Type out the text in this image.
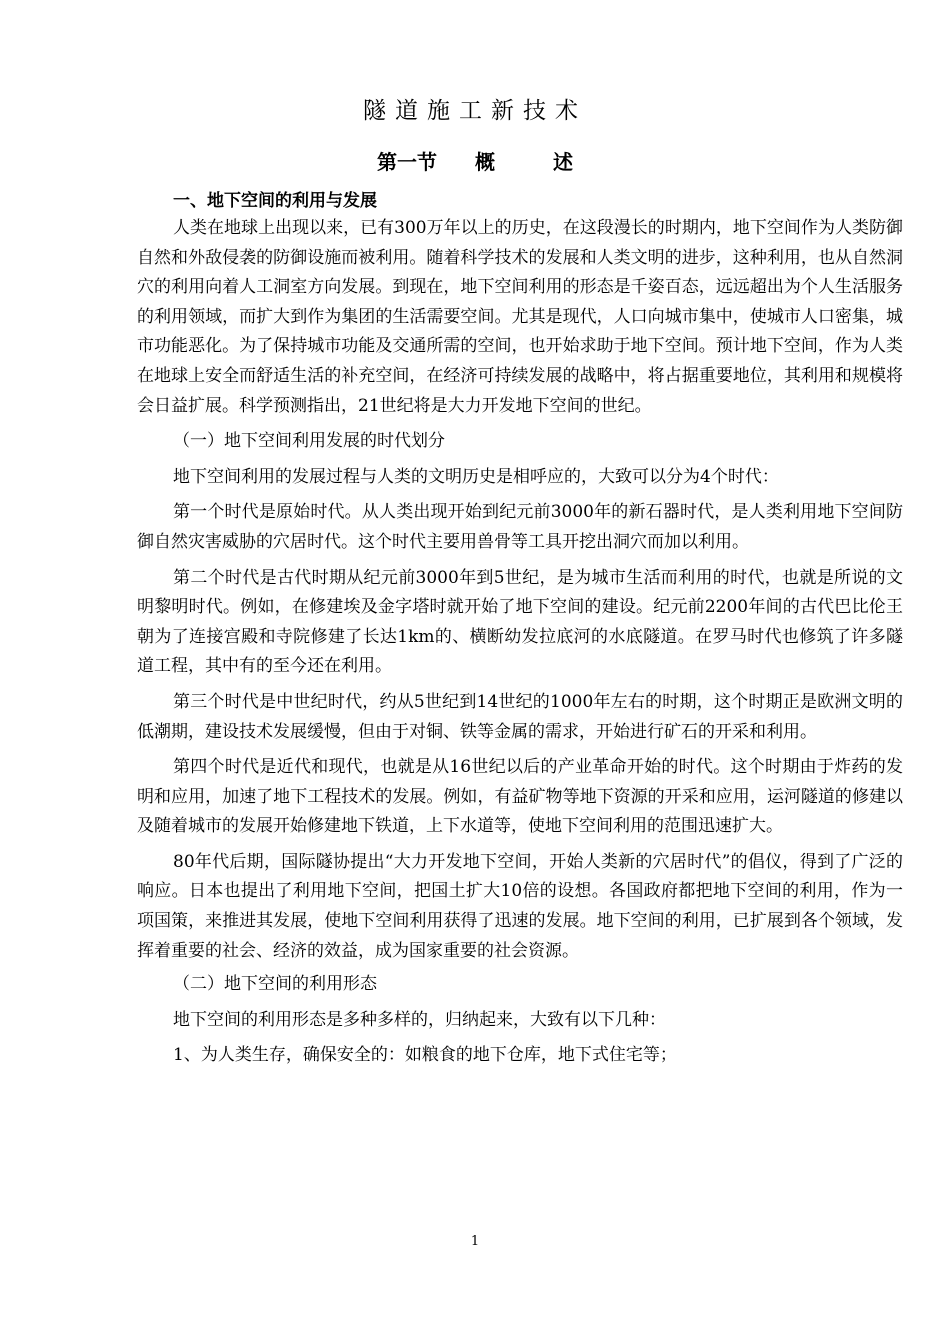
隧道施工新技术
第一节 概	述
一、地下空间的利用与发展

人类在地球上出现以来，已有300万年以上的历史，在这段漫长的时期内，地下空间作为人类防御自然和外敌侵袭的防御设施而被利用。随着科学技术的发展和人类文明的进步，这种利用，也从自然洞穴的利用向着人工洞室方向发展。到现在，地下空间利用的形态是千姿百态，远远超出为个人生活服务的利用领域，而扩大到作为集团的生活需要空间。尤其是现代，人口向城市集中，使城市人口密集，城市功能恶化。为了保持城市功能及交通所需的空间，也开始求助于地下空间。预计地下空间，作为人类在地球上安全而舒适生活的补充空间，在经济可持续发展的战略中，将占据重要地位，其利用和规模将会日益扩展。科学预测指出，21世纪将是大力开发地下空间的世纪。

（一）地下空间利用发展的时代划分

地下空间利用的发展过程与人类的文明历史是相呼应的，大致可以分为4个时代：

第一个时代是原始时代。从人类出现开始到纪元前3000年的新石器时代，是人类利用地下空间防御自然灾害威胁的穴居时代。这个时代主要用兽骨等工具开挖出洞穴而加以利用。

第二个时代是古代时期从纪元前3000年到5世纪，是为城市生活而利用的时代，也就是所说的文明黎明时代。例如，在修建埃及金字塔时就开始了地下空间的建设。纪元前2200年间的古代巴比伦王朝为了连接宫殿和寺院修建了长达1km的、横断幼发拉底河的水底隧道。在罗马时代也修筑了许多隧道工程，其中有的至今还在利用。

第三个时代是中世纪时代，约从5世纪到14世纪的1000年左右的时期，这个时期正是欧洲文明的低潮期，建设技术发展缓慢，但由于对铜、铁等金属的需求，开始进行矿石的开采和利用。

第四个时代是近代和现代，也就是从16世纪以后的产业革命开始的时代。这个时期由于炸药的发明和应用，加速了地下工程技术的发展。例如，有益矿物等地下资源的开采和应用，运河隧道的修建以及随着城市的发展开始修建地下铁道，上下水道等，使地下空间利用的范围迅速扩大。

80年代后期，国际隧协提出“大力开发地下空间，开始人类新的穴居时代”的倡仪，得到了广泛的响应。日本也提出了利用地下空间，把国土扩大10倍的设想。各国政府都把地下空间的利用，作为一项国策，来推进其发展，使地下空间利用获得了迅速的发展。地下空间的利用，已扩展到各个领域，发挥着重要的社会、经济的效益，成为国家重要的社会资源。

（二）地下空间的利用形态

地下空间的利用形态是多种多样的，归纳起来，大致有以下几种：

1、为人类生存，确保安全的：如粮食的地下仓库，地下式住宅等；

1
